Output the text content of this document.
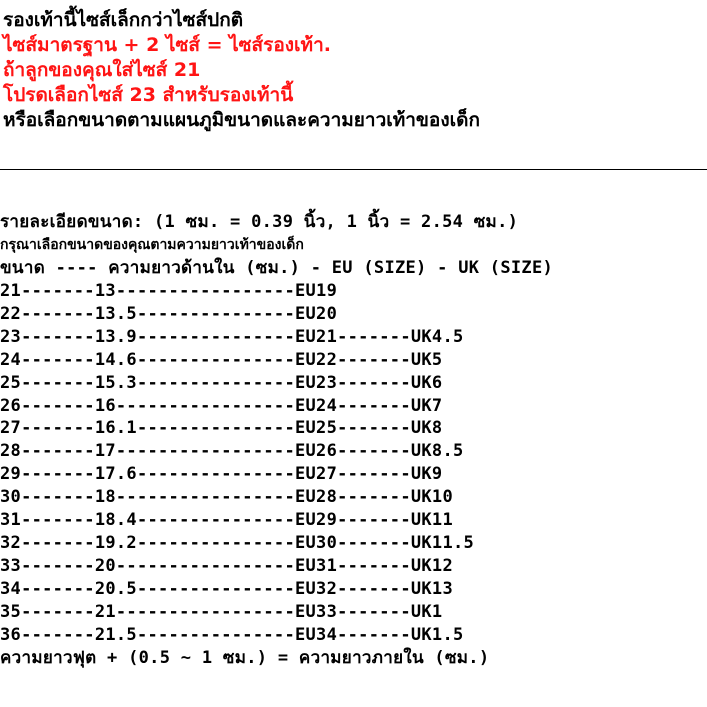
รองเท้านี้ไซส์เล็กกว่าไซส์ปกติ
ไซส์มาตรฐาน + 2 ไซส์ = ไซส์รองเท้า.
ถ้าลูกของคุณใส่ไซส์ 21
โปรดเลือกไซส์ 23 สำหรับรองเท้านี้
หรือเลือกขนาดตามแผนภูมิขนาดและความยาวเท้าของเด็ก
รายละเอียดขนาด: (1 ซม. = 0.39 นิ้ว, 1 นิ้ว = 2.54 ซม.)
กรุณาเลือกขนาดของคุณตามความยาวเท้าของเด็ก
ขนาด ---- ความยาวด้านใน (ซม.) - EU (SIZE) - UK (SIZE)
21-------13-----------------EU19
22-------13.5---------------EU20
23-------13.9---------------EU21-------UK4.5
24-------14.6---------------EU22-------UK5
25-------15.3---------------EU23-------UK6
26-------16-----------------EU24-------UK7
27-------16.1---------------EU25-------UK8
28-------17-----------------EU26-------UK8.5
29-------17.6---------------EU27-------UK9
30-------18-----------------EU28-------UK10
31-------18.4---------------EU29-------UK11
32-------19.2---------------EU30-------UK11.5
33-------20-----------------EU31-------UK12
34-------20.5---------------EU32-------UK13
35-------21-----------------EU33-------UK1
36-------21.5---------------EU34-------UK1.5
ความยาวฟุต + (0.5 ~ 1 ซม.) = ความยาวภายใน (ซม.)
